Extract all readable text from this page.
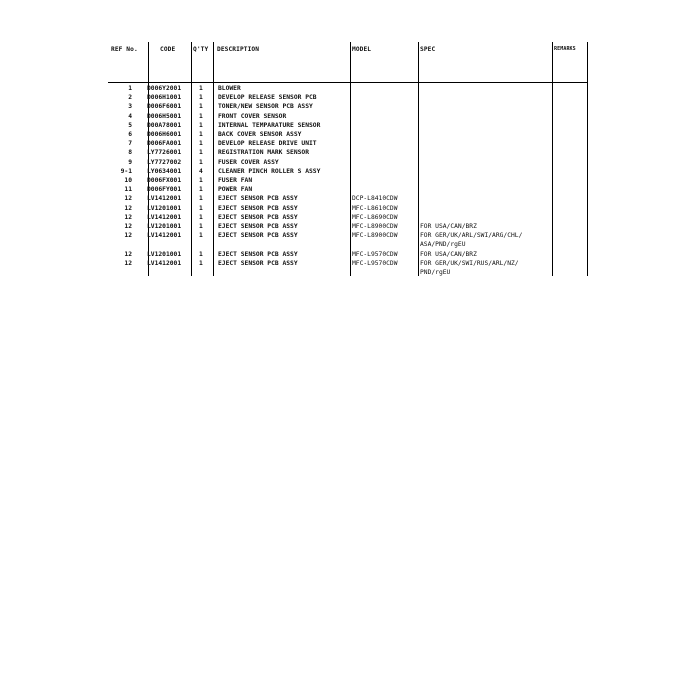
REF No.	CODE	Q'TY DESCRIPTION	MODEL	SPEC	REMARKS
1 D006Y2001	1 BLOWER
2 D006H1001	1 DEVELOP RELEASE SENSOR PCB
3 D006F6001	1 TONER/NEW SENSOR PCB ASSY
4 D006H5001	1 FRONT COVER SENSOR
5 D00A78001	1 INTERNAL TEMPARATURE SENSOR
6 D006H6001	1 BACK COVER SENSOR ASSY
7 D006FA001	1 DEVELOP RELEASE DRIVE UNIT
8 LY7726001	1 REGISTRATION MARK SENSOR
9 LY7727002	1 FUSER COVER ASSY
9-1 LY0634001	4 CLEANER PINCH ROLLER S ASSY
10 D006FX001	1 FUSER FAN
11 D006FY001	1 POWER FAN
12 LV1412001	1 EJECT SENSOR PCB ASSY	DCP-L8410CDW
12 LV1201001	1 EJECT SENSOR PCB ASSY	MFC-L8610CDW
12 LV1412001	1 EJECT SENSOR PCB ASSY	MFC-L8690CDW
12 LV1201001	1 EJECT SENSOR PCB ASSY	MFC-L8900CDW	FOR USA/CAN/BRZ
12 LV1412001	1 EJECT SENSOR PCB ASSY	MFC-L8900CDW	FOR GER/UK/ARL/SWI/ARG/CHL/
ASA/PND/rgEU
12 LV1201001	1 EJECT SENSOR PCB ASSY	MFC-L9570CDW	FOR USA/CAN/BRZ
12 LV1412001	1 EJECT SENSOR PCB ASSY	MFC-L9570CDW	FOR GER/UK/SWI/RUS/ARL/NZ/
PND/rgEU
